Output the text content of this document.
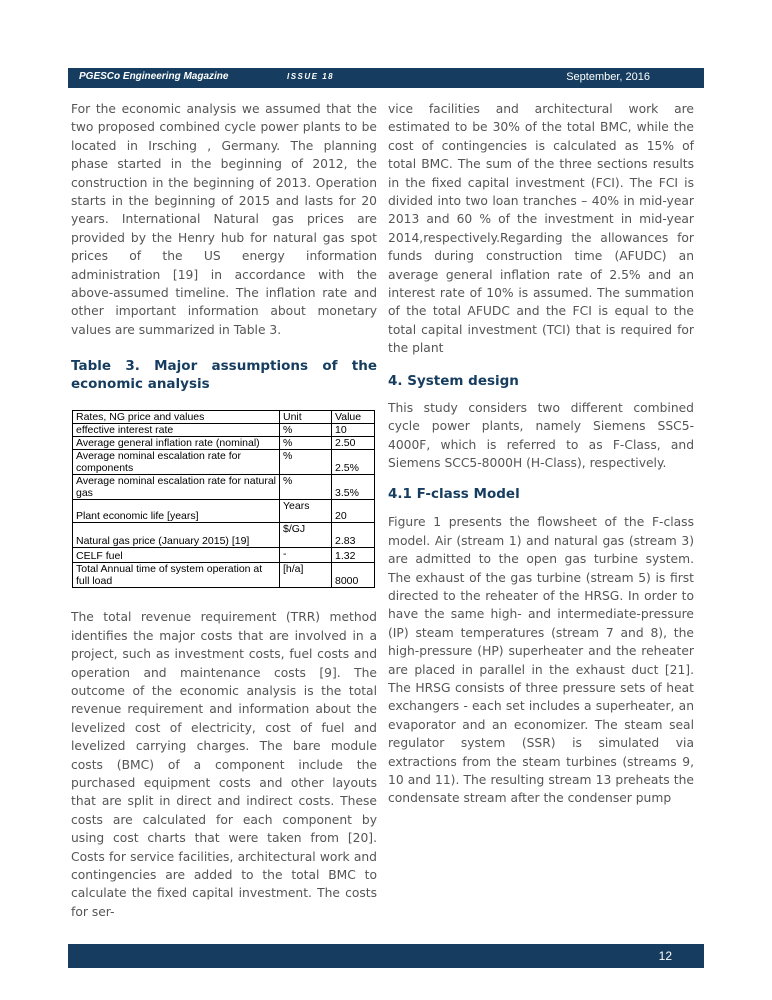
PGESCo Engineering Magazine	ISSUE 18	September, 2016

For the economic analysis we assumed that the two proposed combined cycle power plants to be located in Irsching , Germany. The planning phase started in the beginning of 2012, the construction in the beginning of 2013. Operation starts in the beginning of 2015 and lasts for 20 years. International Natural gas prices are provided by the Henry hub for natural gas spot prices of the US energy information administration [19] in accordance with the above-assumed timeline. The inflation rate and other important information about monetary values are summarized in Table 3.

Table 3. Major assumptions of the economic analysis
Rates, NG price and values	Unit	Value
effective interest rate	%	10
Average general inflation rate (nominal)	%	2.50
Average nominal escalation rate for components	%	2.5%
Average nominal escalation rate for natural gas	%	3.5%
Plant economic life [years]	Years	20
Natural gas price (January 2015) [19]	$/GJ	2.83
CELF fuel	-	1.32
Total Annual time of system operation at full load	[h/a]	8000

The total revenue requirement (TRR) method identifies the major costs that are involved in a project, such as investment costs, fuel costs and operation and maintenance costs [9]. The outcome of the economic analysis is the total revenue requirement and information about the levelized cost of electricity, cost of fuel and levelized carrying charges. The bare module costs (BMC) of a component include the purchased equipment costs and other layouts that are split in direct and indirect costs. These costs are calculated for each component by using cost charts that were taken from [20]. Costs for service facilities, architectural work and contingencies are added to the total BMC to calculate the fixed capital investment. The costs for ser-

vice facilities and architectural work are estimated to be 30% of the total BMC, while the cost of contingencies is calculated as 15% of total BMC. The sum of the three sections results in the fixed capital investment (FCI). The FCI is divided into two loan tranches – 40% in mid-year 2013 and 60 % of the investment in mid-year 2014,respectively.Regarding the allowances for funds during construction time (AFUDC) an average general inflation rate of 2.5% and an interest rate of 10% is assumed. The summation of the total AFUDC and the FCI is equal to the total capital investment (TCI) that is required for the plant

4. System design

This study considers two different combined cycle power plants, namely Siemens SSC5-4000F, which is referred to as F-Class, and Siemens SCC5-8000H (H-Class), respectively.

4.1 F-class Model

Figure 1 presents the flowsheet of the F-class model. Air (stream 1) and natural gas (stream 3) are admitted to the open gas turbine system. The exhaust of the gas turbine (stream 5) is first directed to the reheater of the HRSG. In order to have the same high- and intermediate-pressure (IP) steam temperatures (stream 7 and 8), the high-pressure (HP) superheater and the reheater are placed in parallel in the exhaust duct [21]. The HRSG consists of three pressure sets of heat exchangers - each set includes a superheater, an evaporator and an economizer. The steam seal regulator system (SSR) is simulated via extractions from the steam turbines (streams 9, 10 and 11). The resulting stream 13 preheats the condensate stream after the condenser pump

12
